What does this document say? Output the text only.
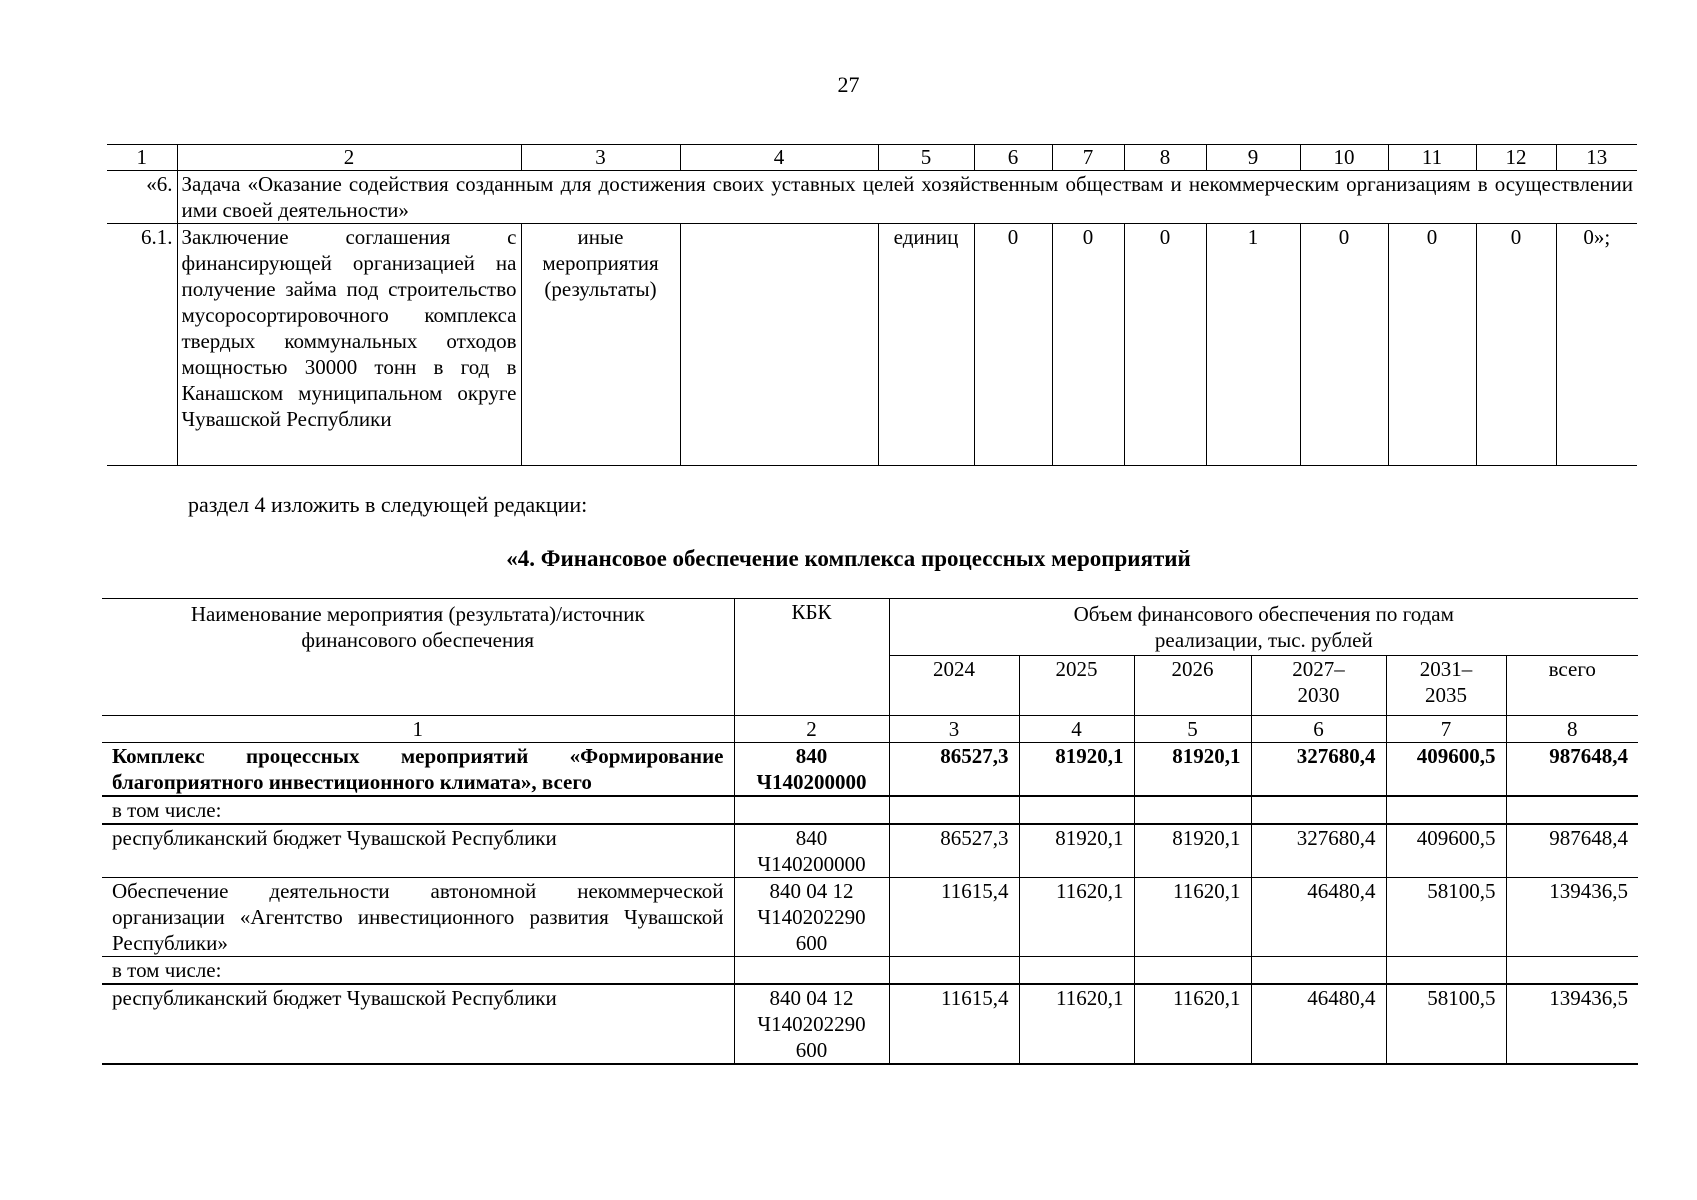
27
1	2	3	4	5	6	7	8	9	10	11	12	13
«6.	Задача «Оказание содействия созданным для достижения своих уставных целей хозяйственным обществам и некоммерческим организациям в осуществлении ими своей деятельности»											
6.1.	Заключение соглашения с финансирующей организацией на получение займа под строительство мусоросортировочного комплекса твердых коммунальных отходов мощностью 30000 тонн в год в Канашском муниципальном округе Чувашской Республики	иные мероприятия (результаты)		единиц	0	0	0	1	0	0	0	0»;
раздел 4 изложить в следующей редакции:
«4. Финансовое обеспечение комплекса процессных мероприятий
Наименование мероприятия (результата)/источник финансового обеспечения	КБК	Объем финансового обеспечения по годам реализации, тыс. рублей					
		2024	2025	2026	2027–2030	2031–2035	всего
1	2	3	4	5	6	7	8
Комплекс процессных мероприятий «Формирование благоприятного инвестиционного климата», всего	840 Ч140200000	86527,3	81920,1	81920,1	327680,4	409600,5	987648,4
в том числе:							
республиканский бюджет Чувашской Республики	840 Ч140200000	86527,3	81920,1	81920,1	327680,4	409600,5	987648,4
Обеспечение деятельности автономной некоммерческой организации «Агентство инвестиционного развития Чувашской Республики»	840 04 12 Ч140202290 600	11615,4	11620,1	11620,1	46480,4	58100,5	139436,5
в том числе:							
республиканский бюджет Чувашской Республики	840 04 12 Ч140202290 600	11615,4	11620,1	11620,1	46480,4	58100,5	139436,5
